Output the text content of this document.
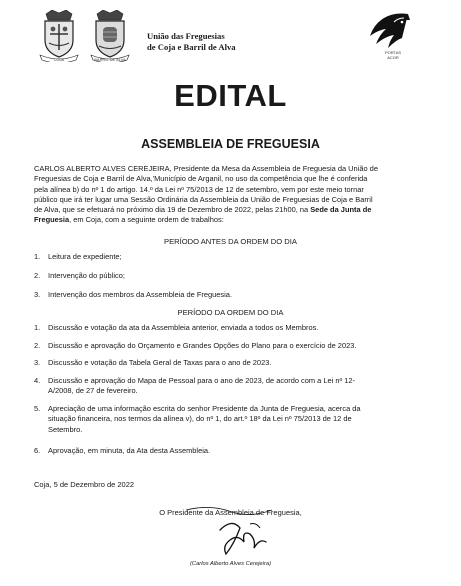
COJA	BARRIL DE ALVA
União das Freguesias
de Coja e Barril de Alva
PORTAS
ACOR
EDITAL
ASSEMBLEIA DE FREGUESIA
CARLOS ALBERTO ALVES CEREJEIRA, Presidente da Mesa da Assembleia de Freguesia da União de
Freguesias de Coja e Barril de Alva,'Município de Arganil, no uso da competência que lhe é conferida
pela alínea b) do nº 1 do artigo. 14.º da Lei nº 75/2013 de 12 de setembro, vem por este meio tornar
público que irá ter lugar uma Sessão Ordinária da Assembleia da União de Freguesias de Coja e Barril
de Alva, que se efetuará no próximo dia 19 de Dezembro de 2022, pelas 21h00, na Sede da Junta de
Freguesia, em Coja, com a seguinte ordem de trabalhos:
PERÍODO ANTES DA ORDEM DO DIA
1.	Leitura de expediente;
2.	Intervenção do público;
3.	Intervenção dos membros da Assembleia de Freguesia.
PERÍODO DA ORDEM DO DIA
1.	Discussão e votação da ata da Assembleia anterior, enviada a todos os Membros.
2.	Discussão e aprovação do Orçamento e Grandes Opções do Plano para o exercício de 2023.
3.	Discussão e votação da Tabela Geral de Taxas para o ano de 2023.
4.	Discussão e aprovação do Mapa de Pessoal para o ano de 2023, de acordo com a Lei nº 12-
A/2008, de 27 de fevereiro.
5.	Apreciação de uma informação escrita do senhor Presidente da Junta de Freguesia, acerca da
situação financeira, nos termos da alínea v), do nº 1, do art.º 18º da Lei nº 75/2013 de 12 de
Setembro.
6.	Aprovação, em minuta, da Ata desta Assembleia.
Coja, 5 de Dezembro de 2022
O Presidente da Assembleia de Freguesia,
(Carlos Alberto Alves Cerejeira)
